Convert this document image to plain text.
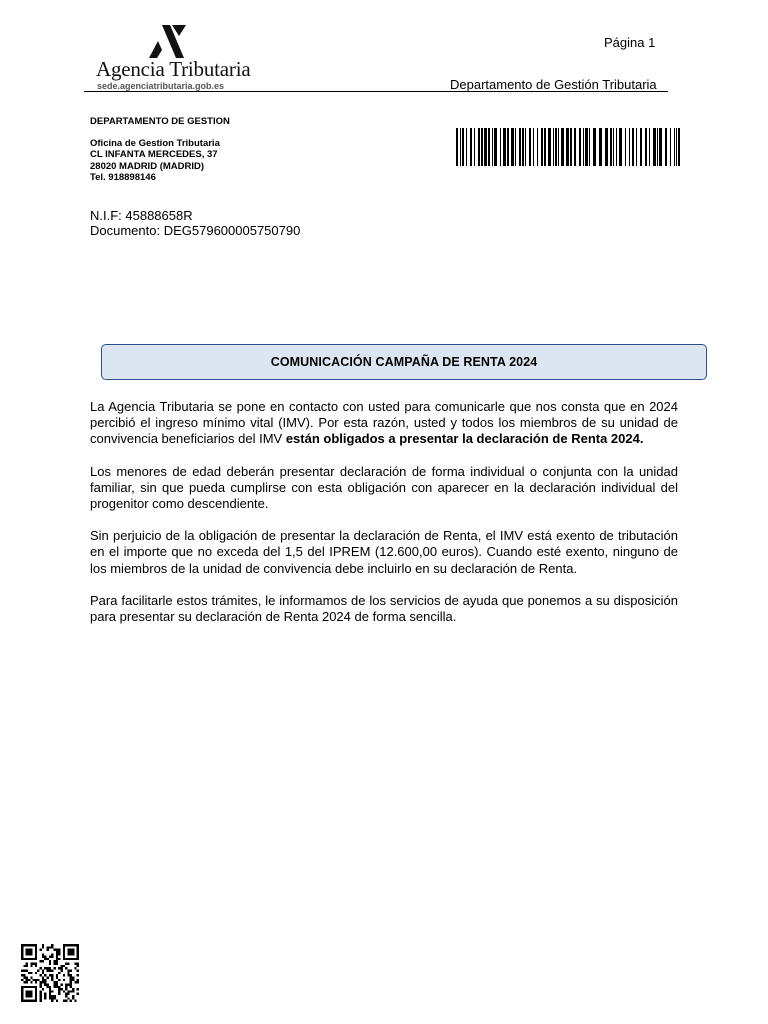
Agencia Tributaria
sede.agenciatributaria.gob.es
Página 1
Departamento de Gestión Tributaria
DEPARTAMENTO DE GESTION
Oficina de Gestion Tributaria
CL INFANTA MERCEDES, 37
28020 MADRID (MADRID)
Tel. 918898146
N.I.F: 45888658R
Documento: DEG579600005750790
COMUNICACIÓN CAMPAÑA DE RENTA 2024

La Agencia Tributaria se pone en contacto con usted para comunicarle que nos consta que en 2024 percibió el ingreso mínimo vital (IMV). Por esta razón, usted y todos los miembros de su unidad de convivencia beneficiarios del IMV están obligados a presentar la declaración de Renta 2024.

Los menores de edad deberán presentar declaración de forma individual o conjunta con la unidad familiar, sin que pueda cumplirse con esta obligación con aparecer en la declaración individual del progenitor como descendiente.

Sin perjuicio de la obligación de presentar la declaración de Renta, el IMV está exento de tributación en el importe que no exceda del 1,5 del IPREM (12.600,00 euros). Cuando esté exento, ninguno de los miembros de la unidad de convivencia debe incluirlo en su declaración de Renta.

Para facilitarle estos trámites, le informamos de los servicios de ayuda que ponemos a su disposición para presentar su declaración de Renta 2024 de forma sencilla.
